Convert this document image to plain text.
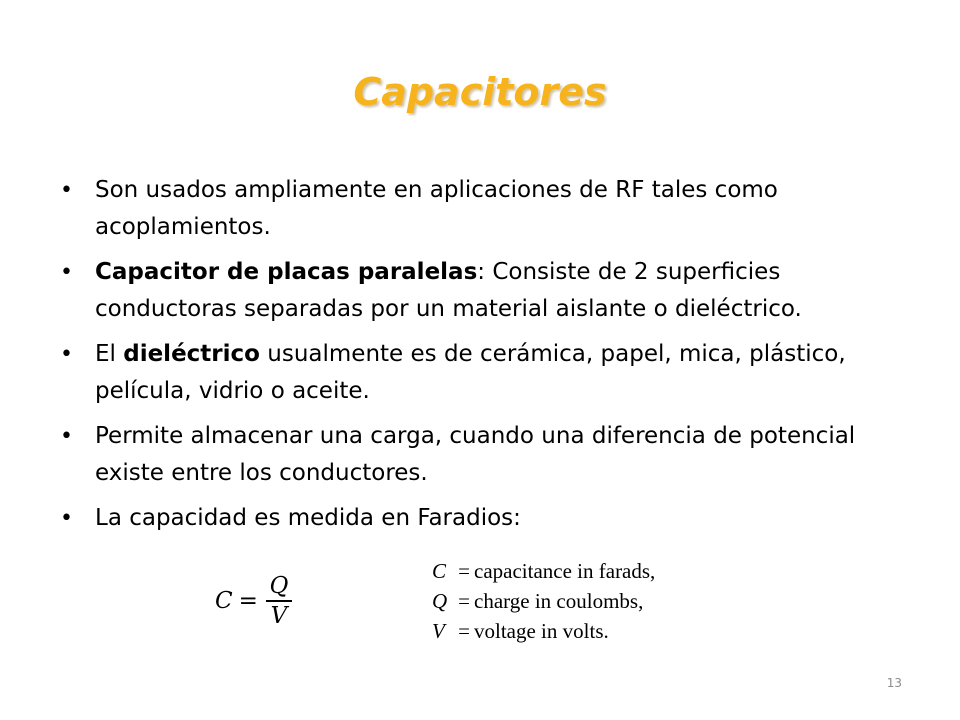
Capacitores
• Son usados ampliamente en aplicaciones de RF tales como acoplamientos.
• Capacitor de placas paralelas: Consiste de 2 superficies conductoras separadas por un material aislante o dieléctrico.
• El dieléctrico usualmente es de cerámica, papel, mica, plástico, película, vidrio o aceite.
• Permite almacenar una carga, cuando una diferencia de potencial existe entre los conductores.
• La capacidad es medida en Faradios:
$C = \frac{Q}{V}$
C = capacitance in farads,
Q = charge in coulombs,
V = voltage in volts.
13
